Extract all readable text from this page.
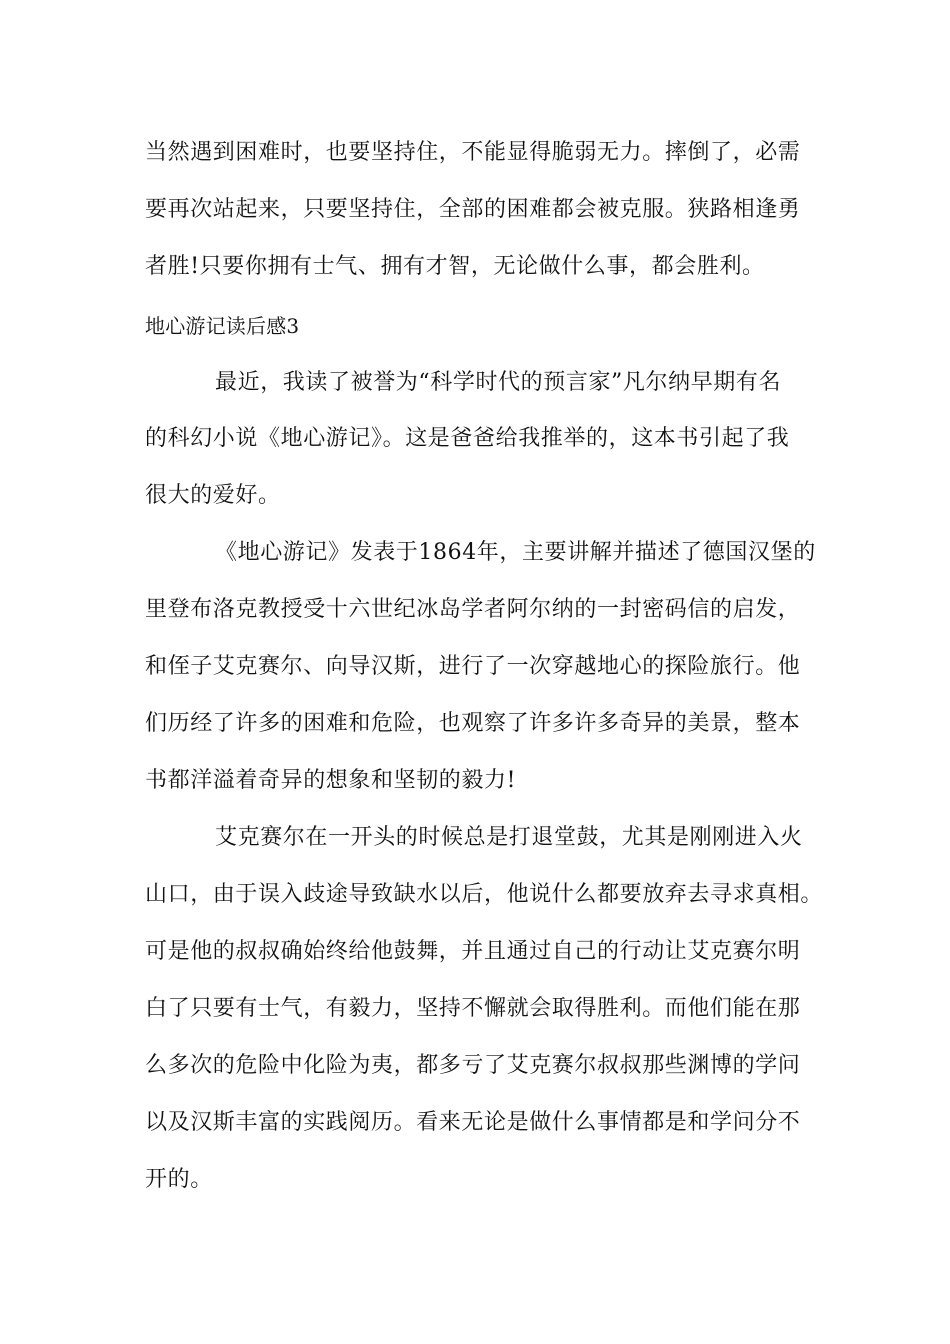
当然遇到困难时，也要坚持住，不能显得脆弱无力。摔倒了，必需

要再次站起来，只要坚持住，全部的困难都会被克服。狭路相逢勇

者胜!只要你拥有士气、拥有才智，无论做什么事，都会胜利。

地心游记读后感3

最近，我读了被誉为“科学时代的预言家”凡尔纳早期有名

的科幻小说《地心游记》。这是爸爸给我推举的，这本书引起了我

很大的爱好。

《地心游记》发表于1864年，主要讲解并描述了德国汉堡的

里登布洛克教授受十六世纪冰岛学者阿尔纳的一封密码信的启发，

和侄子艾克赛尔、向导汉斯，进行了一次穿越地心的探险旅行。他

们历经了许多的困难和危险，也观察了许多许多奇异的美景，整本

书都洋溢着奇异的想象和坚韧的毅力!

艾克赛尔在一开头的时候总是打退堂鼓，尤其是刚刚进入火

山口，由于误入歧途导致缺水以后，他说什么都要放弃去寻求真相。

可是他的叔叔确始终给他鼓舞，并且通过自己的行动让艾克赛尔明

白了只要有士气，有毅力，坚持不懈就会取得胜利。而他们能在那

么多次的危险中化险为夷，都多亏了艾克赛尔叔叔那些渊博的学问

以及汉斯丰富的实践阅历。看来无论是做什么事情都是和学问分不

开的。
